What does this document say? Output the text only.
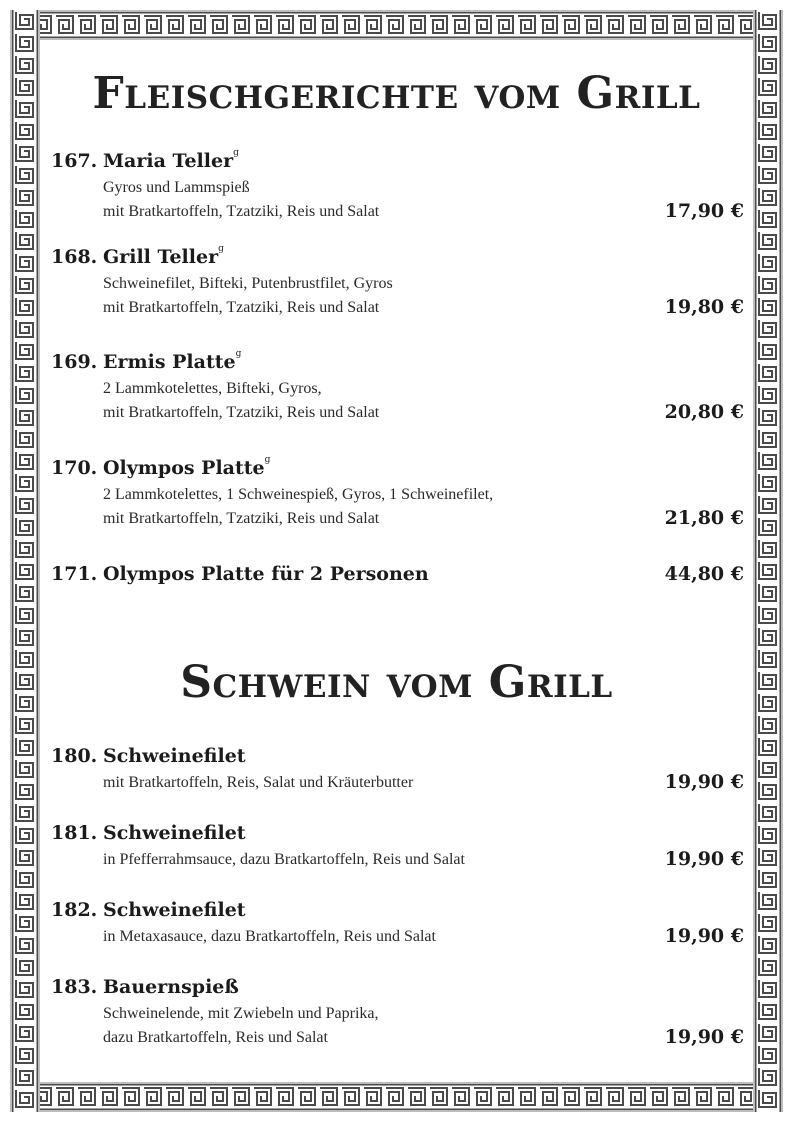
Fleischgerichte vom Grill
167. Maria Teller$^g$
Gyros und Lammspieß
mit Bratkartoffeln, Tzatziki, Reis und Salat	17,90 €
168. Grill Teller$^g$
Schweinefilet, Bifteki, Putenbrustfilet, Gyros
mit Bratkartoffeln, Tzatziki, Reis und Salat	19,80 €
169. Ermis Platte$^g$
2 Lammkotelettes, Bifteki, Gyros,
mit Bratkartoffeln, Tzatziki, Reis und Salat	20,80 €
170. Olympos Platte$^g$
2 Lammkotelettes, 1 Schweinespieß, Gyros, 1 Schweinefilet,
mit Bratkartoffeln, Tzatziki, Reis und Salat	21,80 €
171. Olympos Platte für 2 Personen	44,80 €
Schwein vom Grill
180. Schweinefilet
mit Bratkartoffeln, Reis, Salat und Kräuterbutter	19,90 €
181. Schweinefilet
in Pfefferrahmsauce, dazu Bratkartoffeln, Reis und Salat	19,90 €
182. Schweinefilet
in Metaxasauce, dazu Bratkartoffeln, Reis und Salat	19,90 €
183. Bauernspieß
Schweinelende, mit Zwiebeln und Paprika,
dazu Bratkartoffeln, Reis und Salat	19,90 €
